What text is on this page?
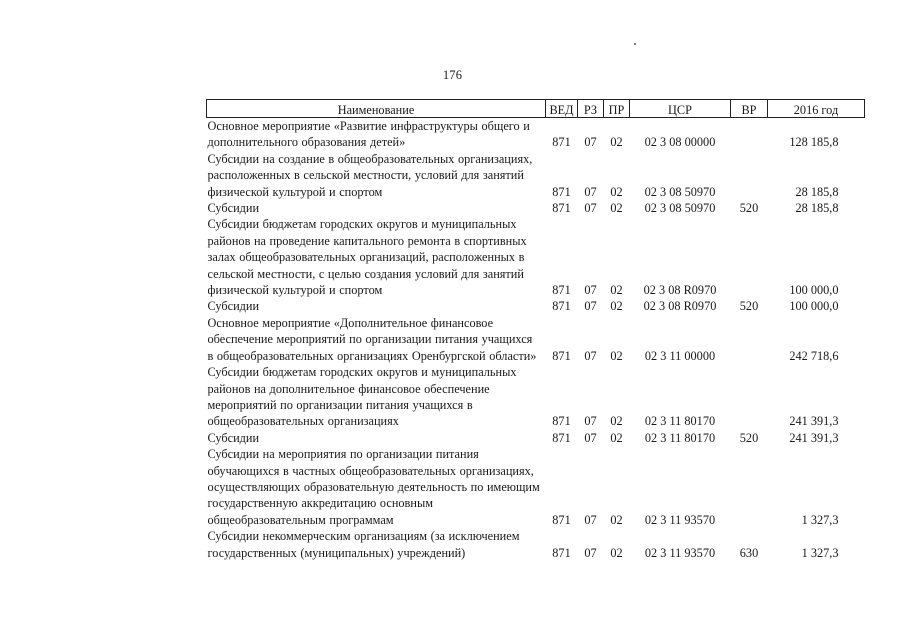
176
Наименование	ВЕД	РЗ	ПР	ЦСР	ВР	2016 год
Основное мероприятие «Развитие инфраструктуры общего и дополнительного образования детей»	871	07	02	02 3 08 00000		128 185,8
Субсидии на создание в общеобразовательных организациях, расположенных в сельской местности, условий для занятий физической культурой и спортом	871	07	02	02 3 08 50970		28 185,8
Субсидии	871	07	02	02 3 08 50970	520	28 185,8
Субсидии бюджетам городских округов и муниципальных районов на проведение капитального ремонта в спортивных залах общеобразовательных организаций, расположенных в сельской местности, с целью создания условий для занятий физической культурой и спортом	871	07	02	02 3 08 R0970		100 000,0
Субсидии	871	07	02	02 3 08 R0970	520	100 000,0
Основное мероприятие «Дополнительное финансовое обеспечение мероприятий по организации питания учащихся в общеобразовательных организациях Оренбургской области»	871	07	02	02 3 11 00000		242 718,6
Субсидии бюджетам городских округов и муниципальных районов на дополнительное финансовое обеспечение мероприятий по организации питания учащихся в общеобразовательных организациях	871	07	02	02 3 11 80170		241 391,3
Субсидии	871	07	02	02 3 11 80170	520	241 391,3
Субсидии на мероприятия по организации питания обучающихся в частных общеобразовательных организациях, осуществляющих образовательную деятельность по имеющим государственную аккредитацию основным общеобразовательным программам	871	07	02	02 3 11 93570		1 327,3
Субсидии некоммерческим организациям (за исключением государственных (муниципальных) учреждений)	871	07	02	02 3 11 93570	630	1 327,3
